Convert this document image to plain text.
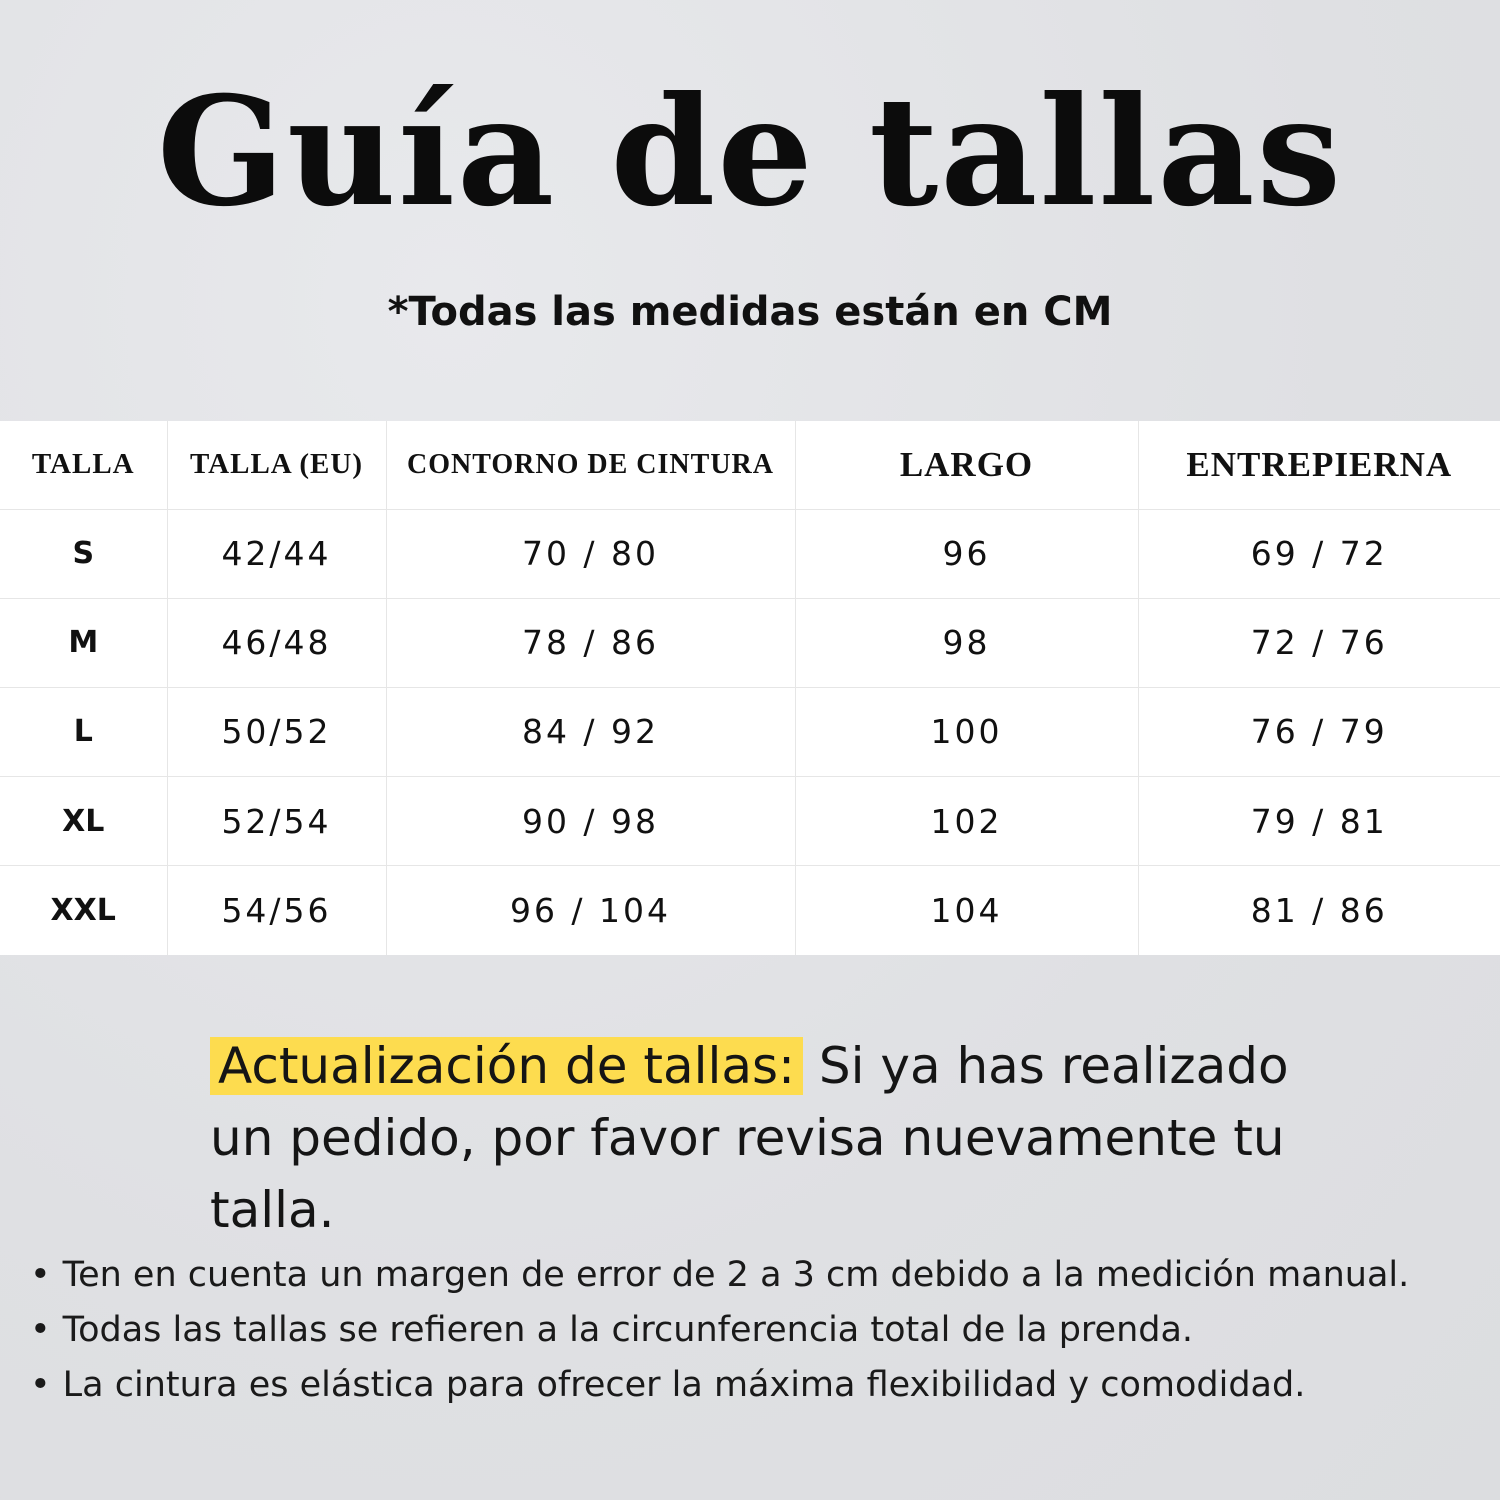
Guía de tallas
*Todas las medidas están en CM
TALLA	TALLA (EU)	CONTORNO DE CINTURA	LARGO	ENTREPIERNA
S	42/44	70 / 80	96	69 / 72
M	46/48	78 / 86	98	72 / 76
L	50/52	84 / 92	100	76 / 79
XL	52/54	90 / 98	102	79 / 81
XXL	54/56	96 / 104	104	81 / 86
Actualización de tallas: Si ya has realizado un pedido, por favor revisa nuevamente tu talla.
• Ten en cuenta un margen de error de 2 a 3 cm debido a la medición manual.
• Todas las tallas se refieren a la circunferencia total de la prenda.
• La cintura es elástica para ofrecer la máxima flexibilidad y comodidad.
